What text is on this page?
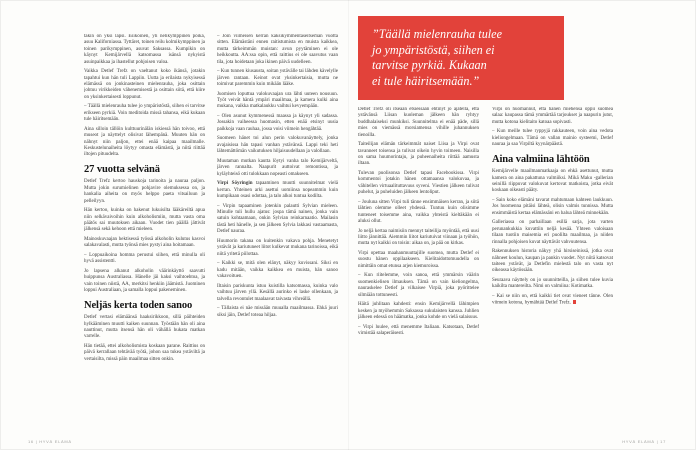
takin on yksi lapsi. Esikoinen, yli nelikymppinen poika, asuu Kaliforniassa. Tyttäret, toinen reilu kolmikymppinen ja toinen parikymppinen, asuvat Saksassa. Kumpikin on käynyt Kemijärvellä katsomassa isänsä nykyistä asuinpaikkaa ja ihastellut pohjoisen valoa.

Vaikka Detlef Trefz on vaeltanut koko ikänsä, jotakin tapahtui kun hän tuli Lappiin. Uutta ja erilaista nykyisessä elämässä on jonkinasteinen mielenrauha, joka osittain johtuu virikkeiden vähenemisestä ja osittain siitä, että kiire on yksinkertaisesti loppunut.

– Täällä mielenrauha tulee jo ympäristöstä, siihen ei tarvitse erikseen pyrkiä. Voin meditoida missä tahansa, eikä kukaan tule häiritsemään.

Aina silloin tällöin kulttuurinälän iskiessä hän toivoo, että museot ja näyttelyt olisivat lähempänä. Muuten hän on nähnyt niin paljon, ettei enää kaipaa maailmalle. Keskustelunaiheita löytyy omasta elämästä, ja niitä riittää iltojen pituudelta.

27 vuotta selvänä

Detlef Trefz kertoo hauskoja tarinoita ja nauraa paljon. Mutta jokin surumielinen pohjavire olemuksessa on, ja hankalia aiheita on myös helppo paeta vitsailuun ja pelleilyyn.

Hän kertoo, kuinka on hakenut lukuisilta lääkäreiltä apua niin selkävaivoihin kuin alkoholismiin, mutta vasta oma päätös sai muutoksen aikaan. Vuodet tien päällä jättivät jälkensä sekä kehoon että mieleen.

Mainoskuvaajan hektisessä työssä alkoholin kulutus kasvoi salakavalasti, mutta työnsä mies pystyi aina hoitamaan.

– Loppuaikoina homma perustui siihen, että minulla oli hyvä assistentti.

Jo lapsena alkanut alkoholin väärinkäyttö saavutti huippunsa Australiassa. Hänelle jäi kaksi vaihtoehtoa, ja vain toinen niistä, AA, merkitsi henkiin jäämistä. Juominen loppui Australiaan, ja samalla loppui pakeneminen.

Neljäs kerta toden sanoo

Detlef vertasi elämäänsä haaksirikkoon, sillä päihteiden hylkääminen muutti kaiken suunnan. Työstään hän oli aina nauttinut, mutta itsensä hän oli vähällä hukata matkan varrelle.

Hän tietää, ettei alkoholismista koskaan parane. Raittius on päivä kerrallaan tehtävää työtä, johon saa tukea ystäviltä ja vertaisilta, missä päin maailmaa sitten onkin.

– Join viimeisen kerran kaksikymmentäseitsemän vuotta sitten. Elämästäni ennen raitistumista en muista kaikkea, mutta tärkeimmän muistan: avun pyytäminen ei ole heikkoutta. AA:ssa opin, että raittius ei ole saavutus vaan tila, jota hoidetaan joka ikinen päivä uudelleen.

– Kun tunnen kiusausta, soitan ystävälle tai lähden kävelylle järven rantaan. Keinot ovat yksinkertaisia, mutta ne toimivat paremmin kuin mikään lääke.

Juomisen loputtua valokuvaajan ura lähti uuteen nousuun. Työt veivät häntä ympäri maailmaa, ja kamera kulki aina mukana, vaikka matkalaukku vaihtui kevyempään.

– Olen asunut kymmenessä maassa ja käynyt yli sadassa. Jossakin vaiheessa huomasin, etten enää etsinyt uusia paikkoja vaan rauhaa, jossa voisi viimein hengähtää.

Suomeen hänet toi alun perin valokuvanäyttely, jonka avajaisissa hän tapasi vanhan ystävänsä. Lappi teki heti lähtemättömän vaikutuksen hiljaisuudellaan ja valollaan.

Muutaman mutkan kautta löytyi vanha talo Kemijärveltä, järven rannalta. Naapurit auttoivat remontissa, ja kyläyhteisö otti tulokkaan nopeasti omakseen.

Virpi Söyringin tapaaminen muutti suunnitelmat vielä kerran. Yhteinen arki asettui uomiinsa nopeammin kuin kumpikaan osasi odottaa, ja talo alkoi tuntua kodilta.

– Virpin tapaaminen jotenkin palautti Sylvian mieleen. Minulle tuli hullu ajatus: jospa tämä nainen, jonka vain satuin kohtaamaan, onkin Sylvian reinkarnaatio. Mailasin tästä heti hänelle, ja sen jälkeen Sylvia lakkasi vastaamasta, Detlef nauraa.

Huumorin takana on kuitenkin vakava pohja. Menetetyt ystävät ja kariutuneet liitot kulkevat mukana tarinoissa, eikä niitä yritetä piilottaa.

– Kaikki se, mitä olen elänyt, näkyy kuvissani. Siksi en kadu mitään, vaikka kaikkea en muista, hän sanoo vakavoituen.

Iltaisin pariskunta istuu kuistilla katsomassa, kuinka valo vaihtuu järven yllä. Kesällä aurinko ei laske ollenkaan, ja talvella revontulet maalaavat taivasta vihreällä.

– Tällaista ei näe missään muualla maailmassa. Ehkä juuri siksi jäin, Detlef toteaa hiljaa.

16 | HYVÄ ELÄMÄ
”Täällä mielenrauha tulee
jo ympäristöstä, siihen ei
tarvitse pyrkiä. Kukaan
ei tule häiritsemään.”

Detlef Trefz oli itseään etsiessään ehtinyt jo ajatella, että ystävänsä Liisan kuoleman jälkeen hän ryhtyy buddhalaiseksi munkiksi. Suunnitelma ei enää päde, sillä mies on viemässä morsiamensa vihille juhannuksen tienoilla.

Taiteilijan elämän tärkeimmät naiset Liisa ja Virpi ovat tavanneet toisensa ja tulivat oikein hyvin toimeen. Naisilla on sama huumorintaju, ja puheenaiheita riittää aamusta iltaan.

Tulevan puolisonsa Detlef tapasi Facebookissa. Virpi kommentoi jotakin hänen ottamaansa valokuvaa, ja vähitellen virtuaalituttavuus syveni. Viestien jälkeen tulivat puhelut, ja puheluiden jälkeen lentoliput.

– Jouluna sitten Virpi tuli tänne ensimmäisen kerran, ja siitä lähtien olemme olleet yhdessä. Tuntuu kuin olisimme tunteneet toisemme aina, vaikka yhteistä kieltäkään ei aluksi ollut.

Jo neljä kertaa naimisiin mennyt taiteilija myöntää, että uusi liitto jännittää. Aiemmin liitot kariutuivat viinaan ja työhön, mutta nyt kaikki on toisin: aikaa on, ja pää on kirkas.

Virpi opettaa maahanmuuttajille suomea, mutta Detlef ei suostu hänen oppilaakseen. Kielitaidottomuudella on nimittäin omat etunsa arjen kiemuroissa.

– Kun riitelemme, voin sanoa, että ymmärsin väärin suomenkielisen ilmauksen. Tämä on vain kieliongelma, nauraskelee Detlef ja vilkaisee Virpiä, joka pyörittelee silmiään tottuneesti.

Häitä juhlitaan kahdesti: ensin Kemijärvellä lähimpien kesken ja myöhemmin Saksassa sukulaisten kanssa. Juhlien jälkeen edessä on häämatka, jonka kohde on vielä salaisuus.

– Virpi luulee, että menemme Italiaan. Katsotaan, Detlef virnistää salaperäisesti.

Virpi on huomannut, että hänen miehensä oppii suomea salaa: kaupassa tämä ymmärtää tarjoukset ja naapurin jutut, mutta kotona kielitaito katoaa sopivasti.

– Kun meille tulee ryppyjä rakkauteen, voin aina vedota kieliongelmaan. Tämä on vallan mainio systeemi, Detlef nauraa ja saa Virpiltä kyynärpäästä.

Aina valmiina lähtöön

Kemijärvelle maailmanmatkaaja on ehkä asettunut, mutta kamera on aina pakattuna valmiiksi. Mikä Maku -gallerian seinillä riippuvat valokuvat kertovat matkoista, jotka eivät koskaan oikeasti pääty.

– Sain koko elämäni tavarat mahtumaan kahteen laukkuun. Jos huomenna pitäisi lähteä, olisin valmis tunnissa. Mutta ensimmäistä kertaa elämässäni en halua lähteä minnekään.

Galleriassa on parhaillaan esillä sarja, jota varten perunankukkia kuvattiin neljä kesää. Yhteen valoisaan tilaan tuotiin maisemia eri puolilta maailmaa, ja niiden rinnalla pohjoisen kuvat näyttävät vahvuutensa.

Rakennuksen historia näkyy yhä hirsiseinissä, jotka ovat nähneet koulun, kaupan ja pankin vuodet. Nyt niitä katsovat taiteen ystävät, ja Detlefin mielestä talo on vasta nyt oikeassa käytössään.

Seuraava näyttely on jo suunnitteilla, ja siihen tulee kuvia kaikilta mantereilta. Nimi on valmiina: Kotimatka.

– Kai se niin on, että kaikki tiet ovat vieneet tänne. Olen viimein kotona, hymähtää Detlef Trefz.

HYVÄ ELÄMÄ | 17
